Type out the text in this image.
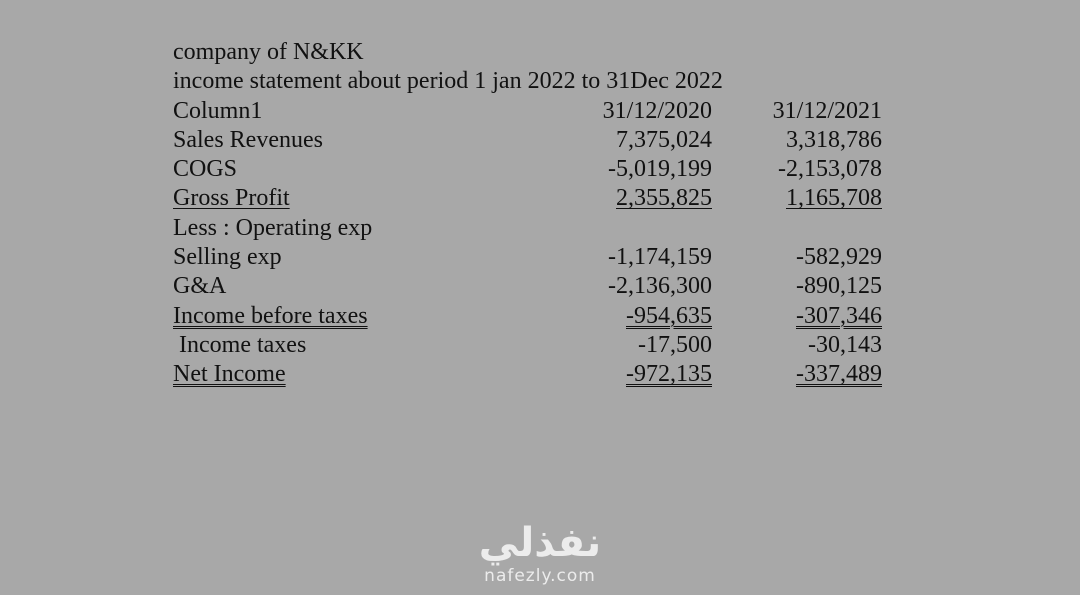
company of N&KK
income statement about period 1 jan 2022 to 31Dec 2022
Column1	31/12/2020	31/12/2021
Sales Revenues	7,375,024	3,318,786
COGS	-5,019,199	-2,153,078
Gross Profit	2,355,825	1,165,708
Less : Operating exp
Selling exp	-1,174,159	-582,929
G&A	-2,136,300	-890,125
Income before taxes	-954,635	-307,346
Income taxes	-17,500	-30,143
Net Income	-972,135	-337,489
نفذلي
nafezly.com
